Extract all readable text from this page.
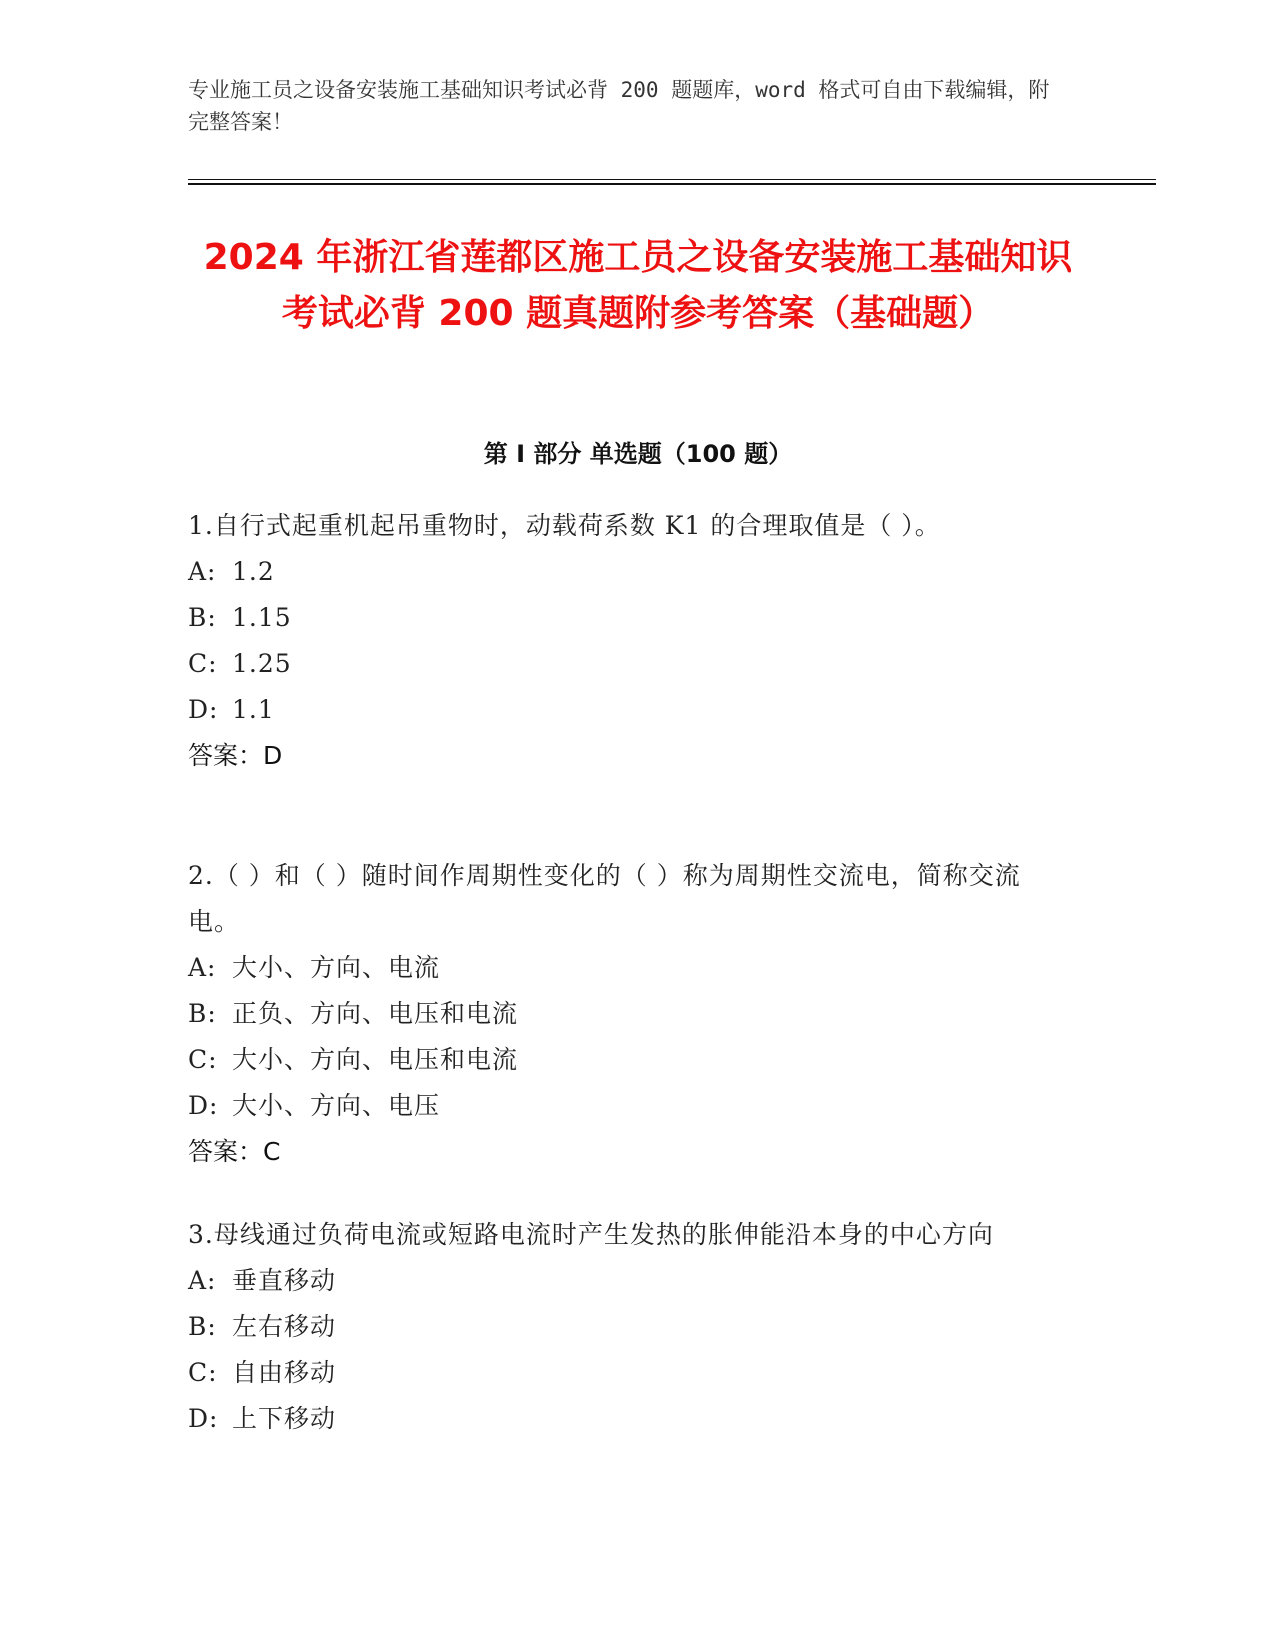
专业施工员之设备安装施工基础知识考试必背 200 题题库，word 格式可自由下载编辑，附完整答案！

2024 年浙江省莲都区施工员之设备安装施工基础知识考试必背 200 题真题附参考答案（基础题）
第 I 部分 单选题（100 题）

1.自行式起重机起吊重物时，动载荷系数 K1 的合理取值是（ ）。

A: 1.2

B: 1.15

C: 1.25

D: 1.1

答案：D

2.（ ）和（ ）随时间作周期性变化的（ ）称为周期性交流电，简称交流电。

A: 大小、方向、电流

B: 正负、方向、电压和电流

C: 大小、方向、电压和电流

D: 大小、方向、电压

答案：C

3.母线通过负荷电流或短路电流时产生发热的胀伸能沿本身的中心方向

A: 垂直移动

B: 左右移动

C: 自由移动

D: 上下移动
